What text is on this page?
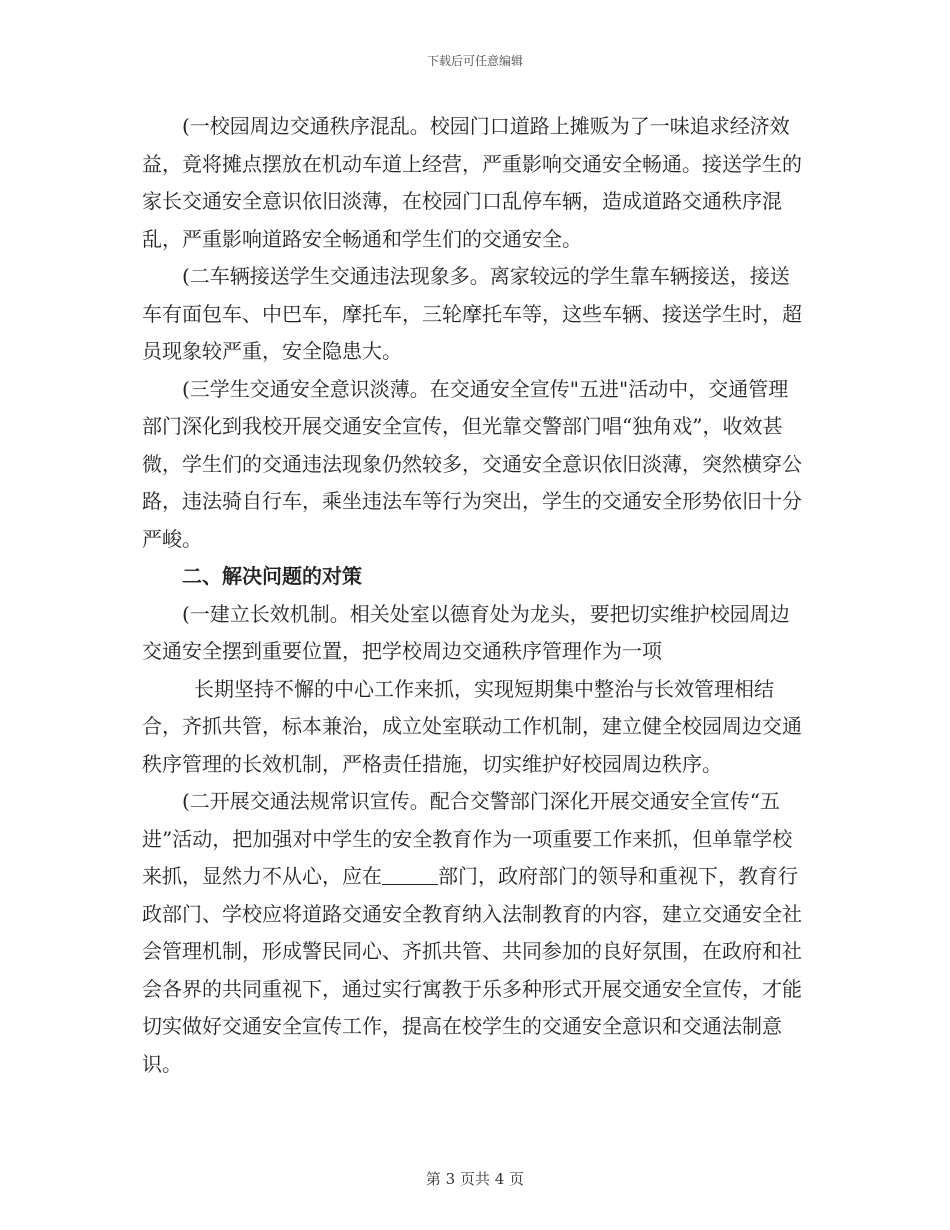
下载后可任意编辑

(一校园周边交通秩序混乱。校园门口道路上摊贩为了一味追求经济效益，竟将摊点摆放在机动车道上经营，严重影响交通安全畅通。接送学生的家长交通安全意识依旧淡薄，在校园门口乱停车辆，造成道路交通秩序混乱，严重影响道路安全畅通和学生们的交通安全。

(二车辆接送学生交通违法现象多。离家较远的学生靠车辆接送，接送车有面包车、中巴车，摩托车，三轮摩托车等，这些车辆、接送学生时，超员现象较严重，安全隐患大。

(三学生交通安全意识淡薄。在交通安全宣传"五进"活动中，交通管理部门深化到我校开展交通安全宣传，但光靠交警部门唱“独角戏”，收效甚微，学生们的交通违法现象仍然较多，交通安全意识依旧淡薄，突然横穿公路，违法骑自行车，乘坐违法车等行为突出，学生的交通安全形势依旧十分严峻。

二、解决问题的对策

(一建立长效机制。相关处室以德育处为龙头，要把切实维护校园周边交通安全摆到重要位置，把学校周边交通秩序管理作为一项

长期坚持不懈的中心工作来抓，实现短期集中整治与长效管理相结合，齐抓共管，标本兼治，成立处室联动工作机制，建立健全校园周边交通秩序管理的长效机制，严格责任措施，切实维护好校园周边秩序。

(二开展交通法规常识宣传。配合交警部门深化开展交通安全宣传“五进”活动，把加强对中学生的安全教育作为一项重要工作来抓，但单靠学校来抓，显然力不从心，应在	部门，政府部门的领导和重视下，教育行政部门、学校应将道路交通安全教育纳入法制教育的内容，建立交通安全社会管理机制，形成警民同心、齐抓共管、共同参加的良好氛围，在政府和社会各界的共同重视下，通过实行寓教于乐多种形式开展交通安全宣传，才能切实做好交通安全宣传工作，提高在校学生的交通安全意识和交通法制意识。

第 3 页共 4 页
